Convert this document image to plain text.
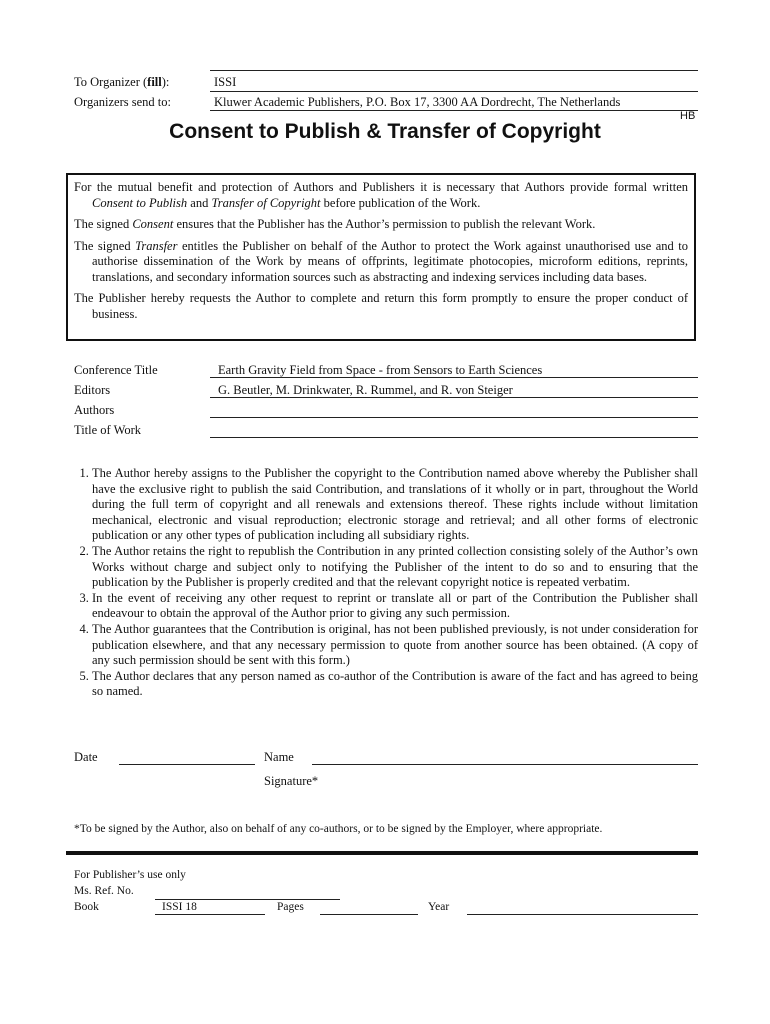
To Organizer (fill):	ISSI
Organizers send to:	Kluwer Academic Publishers, P.O. Box 17, 3300 AA Dordrecht, The Netherlands
HB
Consent to Publish & Transfer of Copyright

For the mutual benefit and protection of Authors and Publishers it is necessary that Authors provide formal written Consent to Publish and Transfer of Copyright before publication of the Work.

The signed Consent ensures that the Publisher has the Author’s permission to publish the relevant Work.

The signed Transfer entitles the Publisher on behalf of the Author to protect the Work against unauthorised use and to authorise dissemination of the Work by means of offprints, legitimate photocopies, microform editions, reprints, translations, and secondary information sources such as abstracting and indexing services including data bases.

The Publisher hereby requests the Author to complete and return this form promptly to ensure the proper conduct of business.

Conference Title	Earth Gravity Field from Space - from Sensors to Earth Sciences
Editors	G. Beutler, M. Drinkwater, R. Rummel, and R. von Steiger
Authors
Title of Work
1. The Author hereby assigns to the Publisher the copyright to the Contribution named above whereby the Publisher shall have the exclusive right to publish the said Contribution, and translations of it wholly or in part, throughout the World during the full term of copyright and all renewals and extensions thereof. These rights include without limitation mechanical, electronic and visual reproduction; electronic storage and retrieval; and all other forms of electronic publication or any other types of publication including all subsidiary rights.
2. The Author retains the right to republish the Contribution in any printed collection consisting solely of the Author’s own Works without charge and subject only to notifying the Publisher of the intent to do so and to ensuring that the publication by the Publisher is properly credited and that the relevant copyright notice is repeated verbatim.
3. In the event of receiving any other request to reprint or translate all or part of the Contribution the Publisher shall endeavour to obtain the approval of the Author prior to giving any such permission.
4. The Author guarantees that the Contribution is original, has not been published previously, is not under consideration for publication elsewhere, and that any necessary permission to quote from another source has been obtained. (A copy of any such permission should be sent with this form.)
5. The Author declares that any person named as co-author of the Contribution is aware of the fact and has agreed to being so named.
Date	Name
Signature*
*To be signed by the Author, also on behalf of any co-authors, or to be signed by the Employer, where appropriate.
For Publisher’s use only
Ms. Ref. No.
Book	ISSI 18	Pages	Year
